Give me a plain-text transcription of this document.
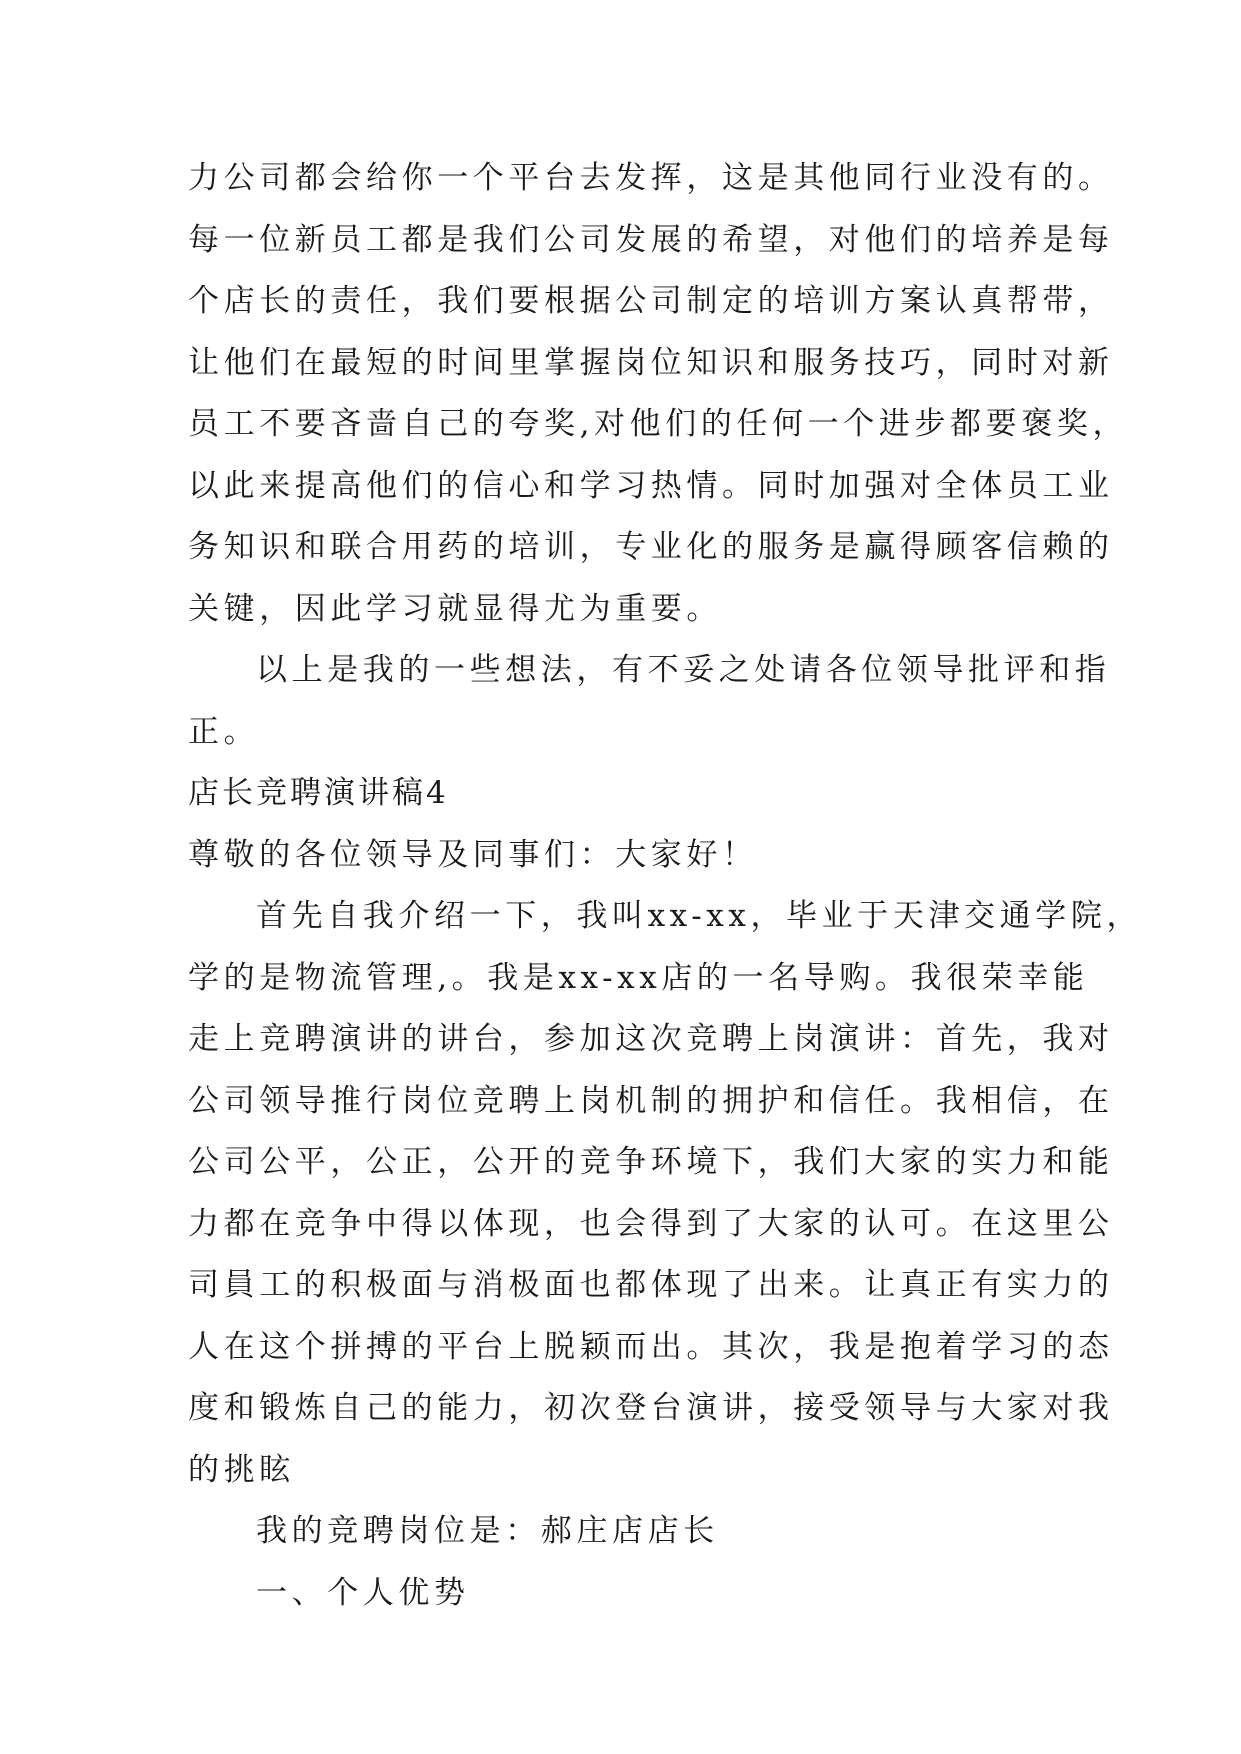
力公司都会给你一个平台去发挥，这是其他同行业没有的。
每一位新员工都是我们公司发展的希望，对他们的培养是每
个店长的责任，我们要根据公司制定的培训方案认真帮带，
让他们在最短的时间里掌握岗位知识和服务技巧，同时对新
员工不要吝啬自己的夸奖,对他们的任何一个进步都要褒奖，
以此来提高他们的信心和学习热情。同时加强对全体员工业
务知识和联合用药的培训，专业化的服务是赢得顾客信赖的
关键，因此学习就显得尤为重要。
以上是我的一些想法，有不妥之处请各位领导批评和指
正。
店长竞聘演讲稿4
尊敬的各位领导及同事们：大家好！
首先自我介绍一下，我叫xx-xx，毕业于天津交通学院，
学的是物流管理,。我是xx-xx店的一名导购。我很荣幸能
走上竞聘演讲的讲台，参加这次竞聘上岗演讲：首先，我对
公司领导推行岗位竞聘上岗机制的拥护和信任。我相信，在
公司公平，公正，公开的竞争环境下，我们大家的实力和能
力都在竞争中得以体现，也会得到了大家的认可。在这里公
司員工的积极面与消极面也都体现了出来。让真正有实力的
人在这个拼搏的平台上脱颖而出。其次，我是抱着学习的态
度和锻炼自己的能力，初次登台演讲，接受领导与大家对我
的挑眩
我的竞聘岗位是：郝庄店店长
一、个人优势
